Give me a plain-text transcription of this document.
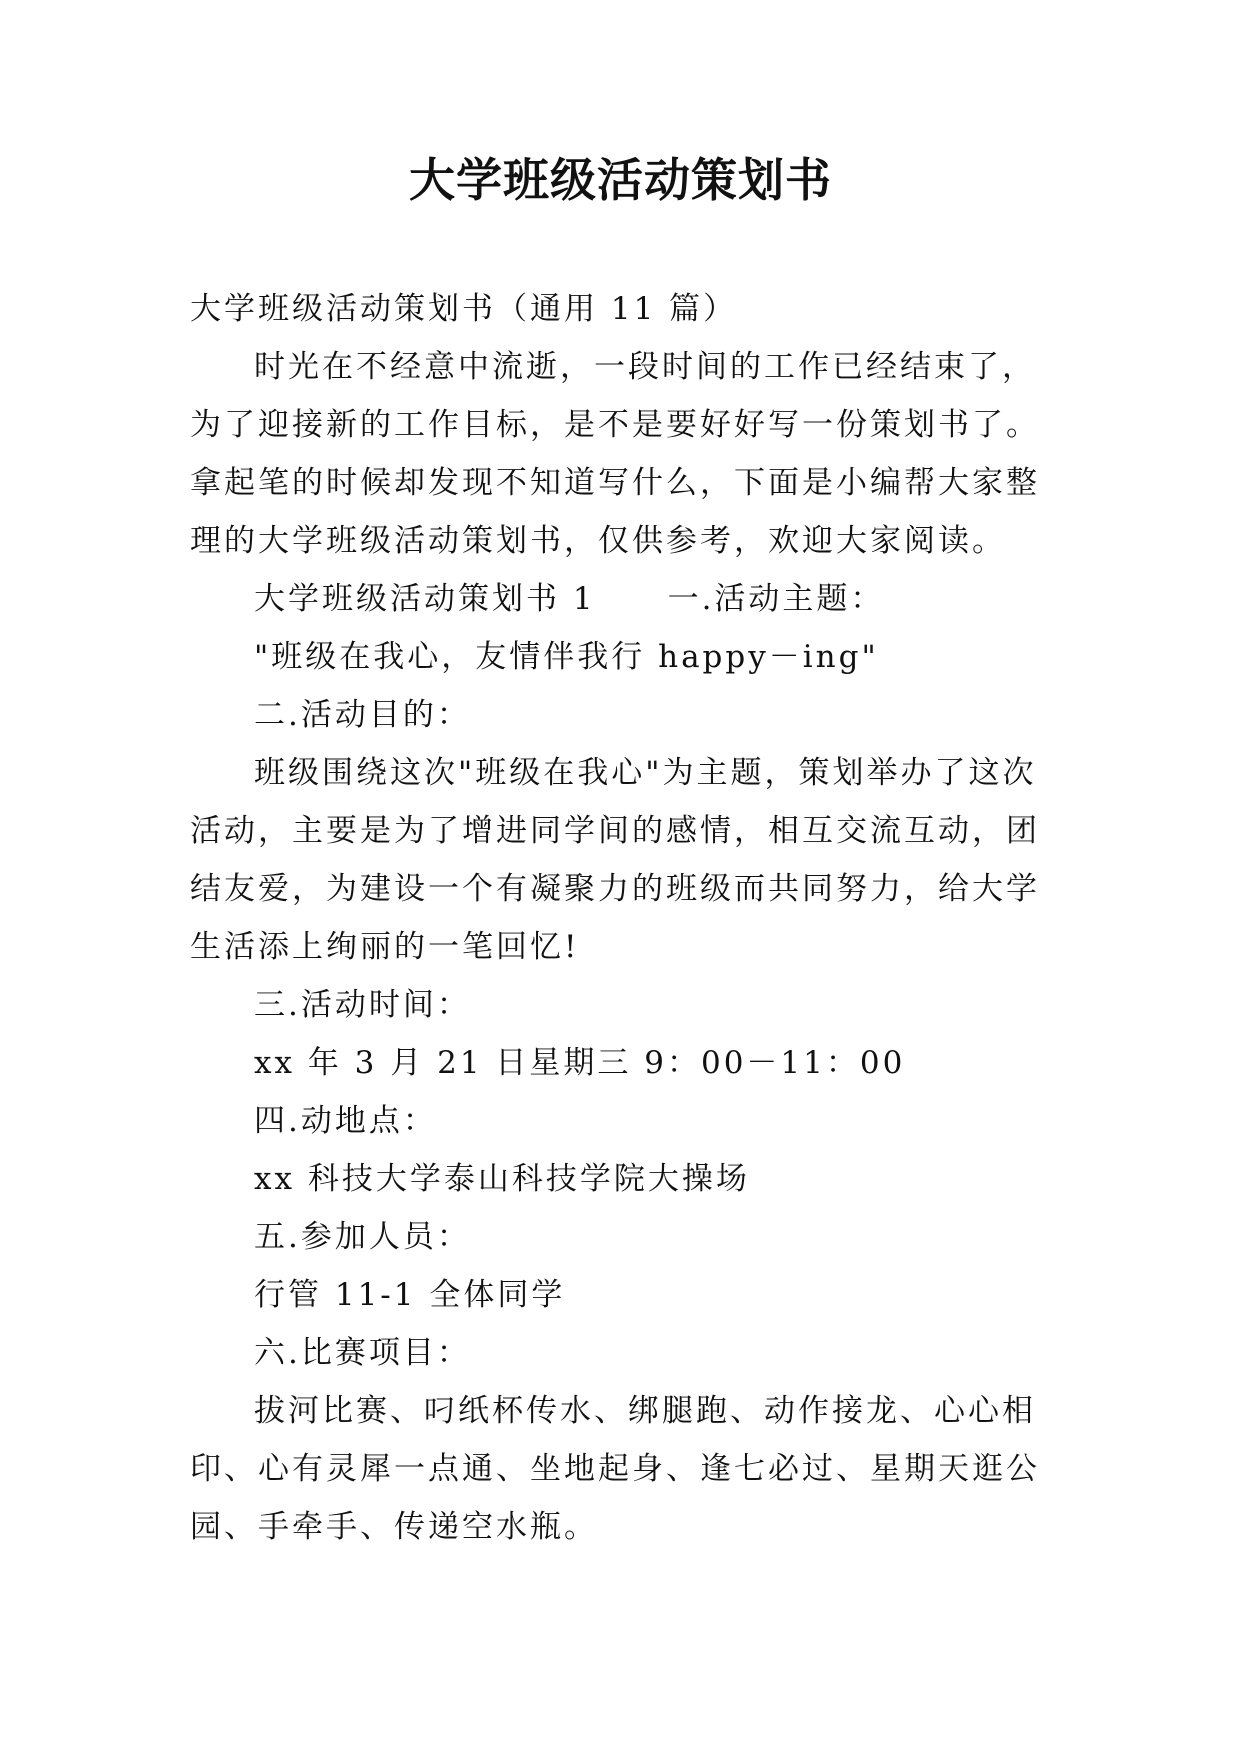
大学班级活动策划书

大学班级活动策划书（通用 11 篇）

时光在不经意中流逝，一段时间的工作已经结束了，为了迎接新的工作目标，是不是要好好写一份策划书了。拿起笔的时候却发现不知道写什么，下面是小编帮大家整理的大学班级活动策划书，仅供参考，欢迎大家阅读。

大学班级活动策划书 1 一.活动主题：

"班级在我心，友情伴我行 happy－ing"

二.活动目的：

班级围绕这次"班级在我心"为主题，策划举办了这次活动，主要是为了增进同学间的感情，相互交流互动，团结友爱，为建设一个有凝聚力的班级而共同努力，给大学生活添上绚丽的一笔回忆!

三.活动时间：

xx 年 3 月 21 日星期三 9：00－11：00

四.动地点：

xx 科技大学泰山科技学院大操场

五.参加人员：

行管 11-1 全体同学

六.比赛项目：

拔河比赛、叼纸杯传水、绑腿跑、动作接龙、心心相印、心有灵犀一点通、坐地起身、逢七必过、星期天逛公园、手牵手、传递空水瓶。
